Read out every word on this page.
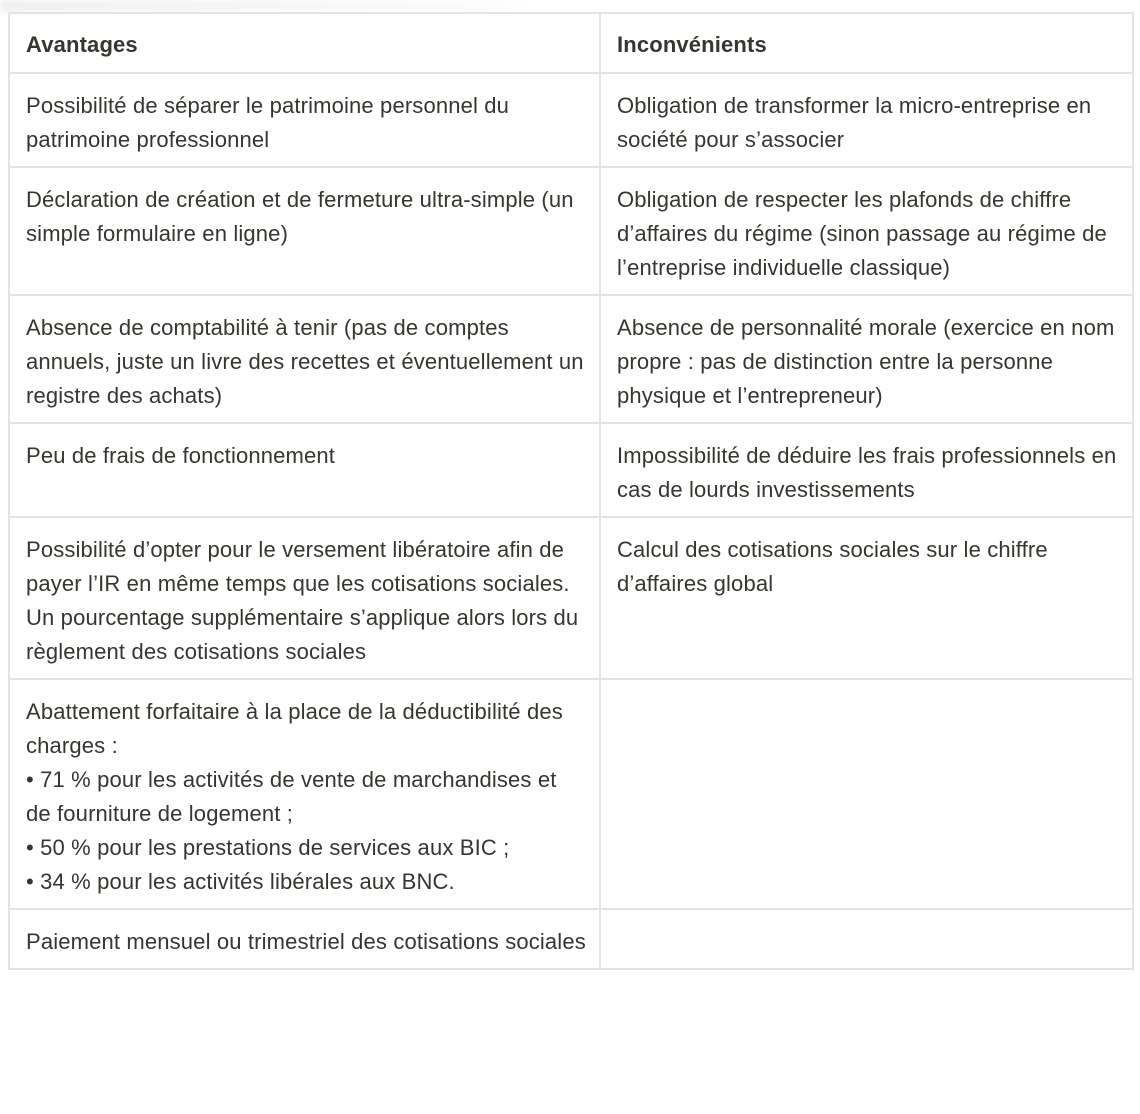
Avantages	Inconvénients

Possibilité de séparer le patrimoine personnel du patrimoine professionnel	Obligation de transformer la micro-entreprise en société pour s’associer

Déclaration de création et de fermeture ultra-simple (un simple formulaire en ligne)	Obligation de respecter les plafonds de chiffre d’affaires du régime (sinon passage au régime de l’entreprise individuelle classique)

Absence de comptabilité à tenir (pas de comptes annuels, juste un livre des recettes et éventuellement un registre des achats)	Absence de personnalité morale (exercice en nom propre : pas de distinction entre la personne physique et l’entrepreneur)

Peu de frais de fonctionnement	Impossibilité de déduire les frais professionnels en cas de lourds investissements

Possibilité d’opter pour le versement libératoire afin de payer l’IR en même temps que les cotisations sociales. Un pourcentage supplémentaire s’applique alors lors du règlement des cotisations sociales	Calcul des cotisations sociales sur le chiffre d’affaires global

Abattement forfaitaire à la place de la déductibilité des charges :
• 71 % pour les activités de vente de marchandises et de fourniture de logement ;
• 50 % pour les prestations de services aux BIC ;
• 34 % pour les activités libérales aux BNC.	

Paiement mensuel ou trimestriel des cotisations sociales	
